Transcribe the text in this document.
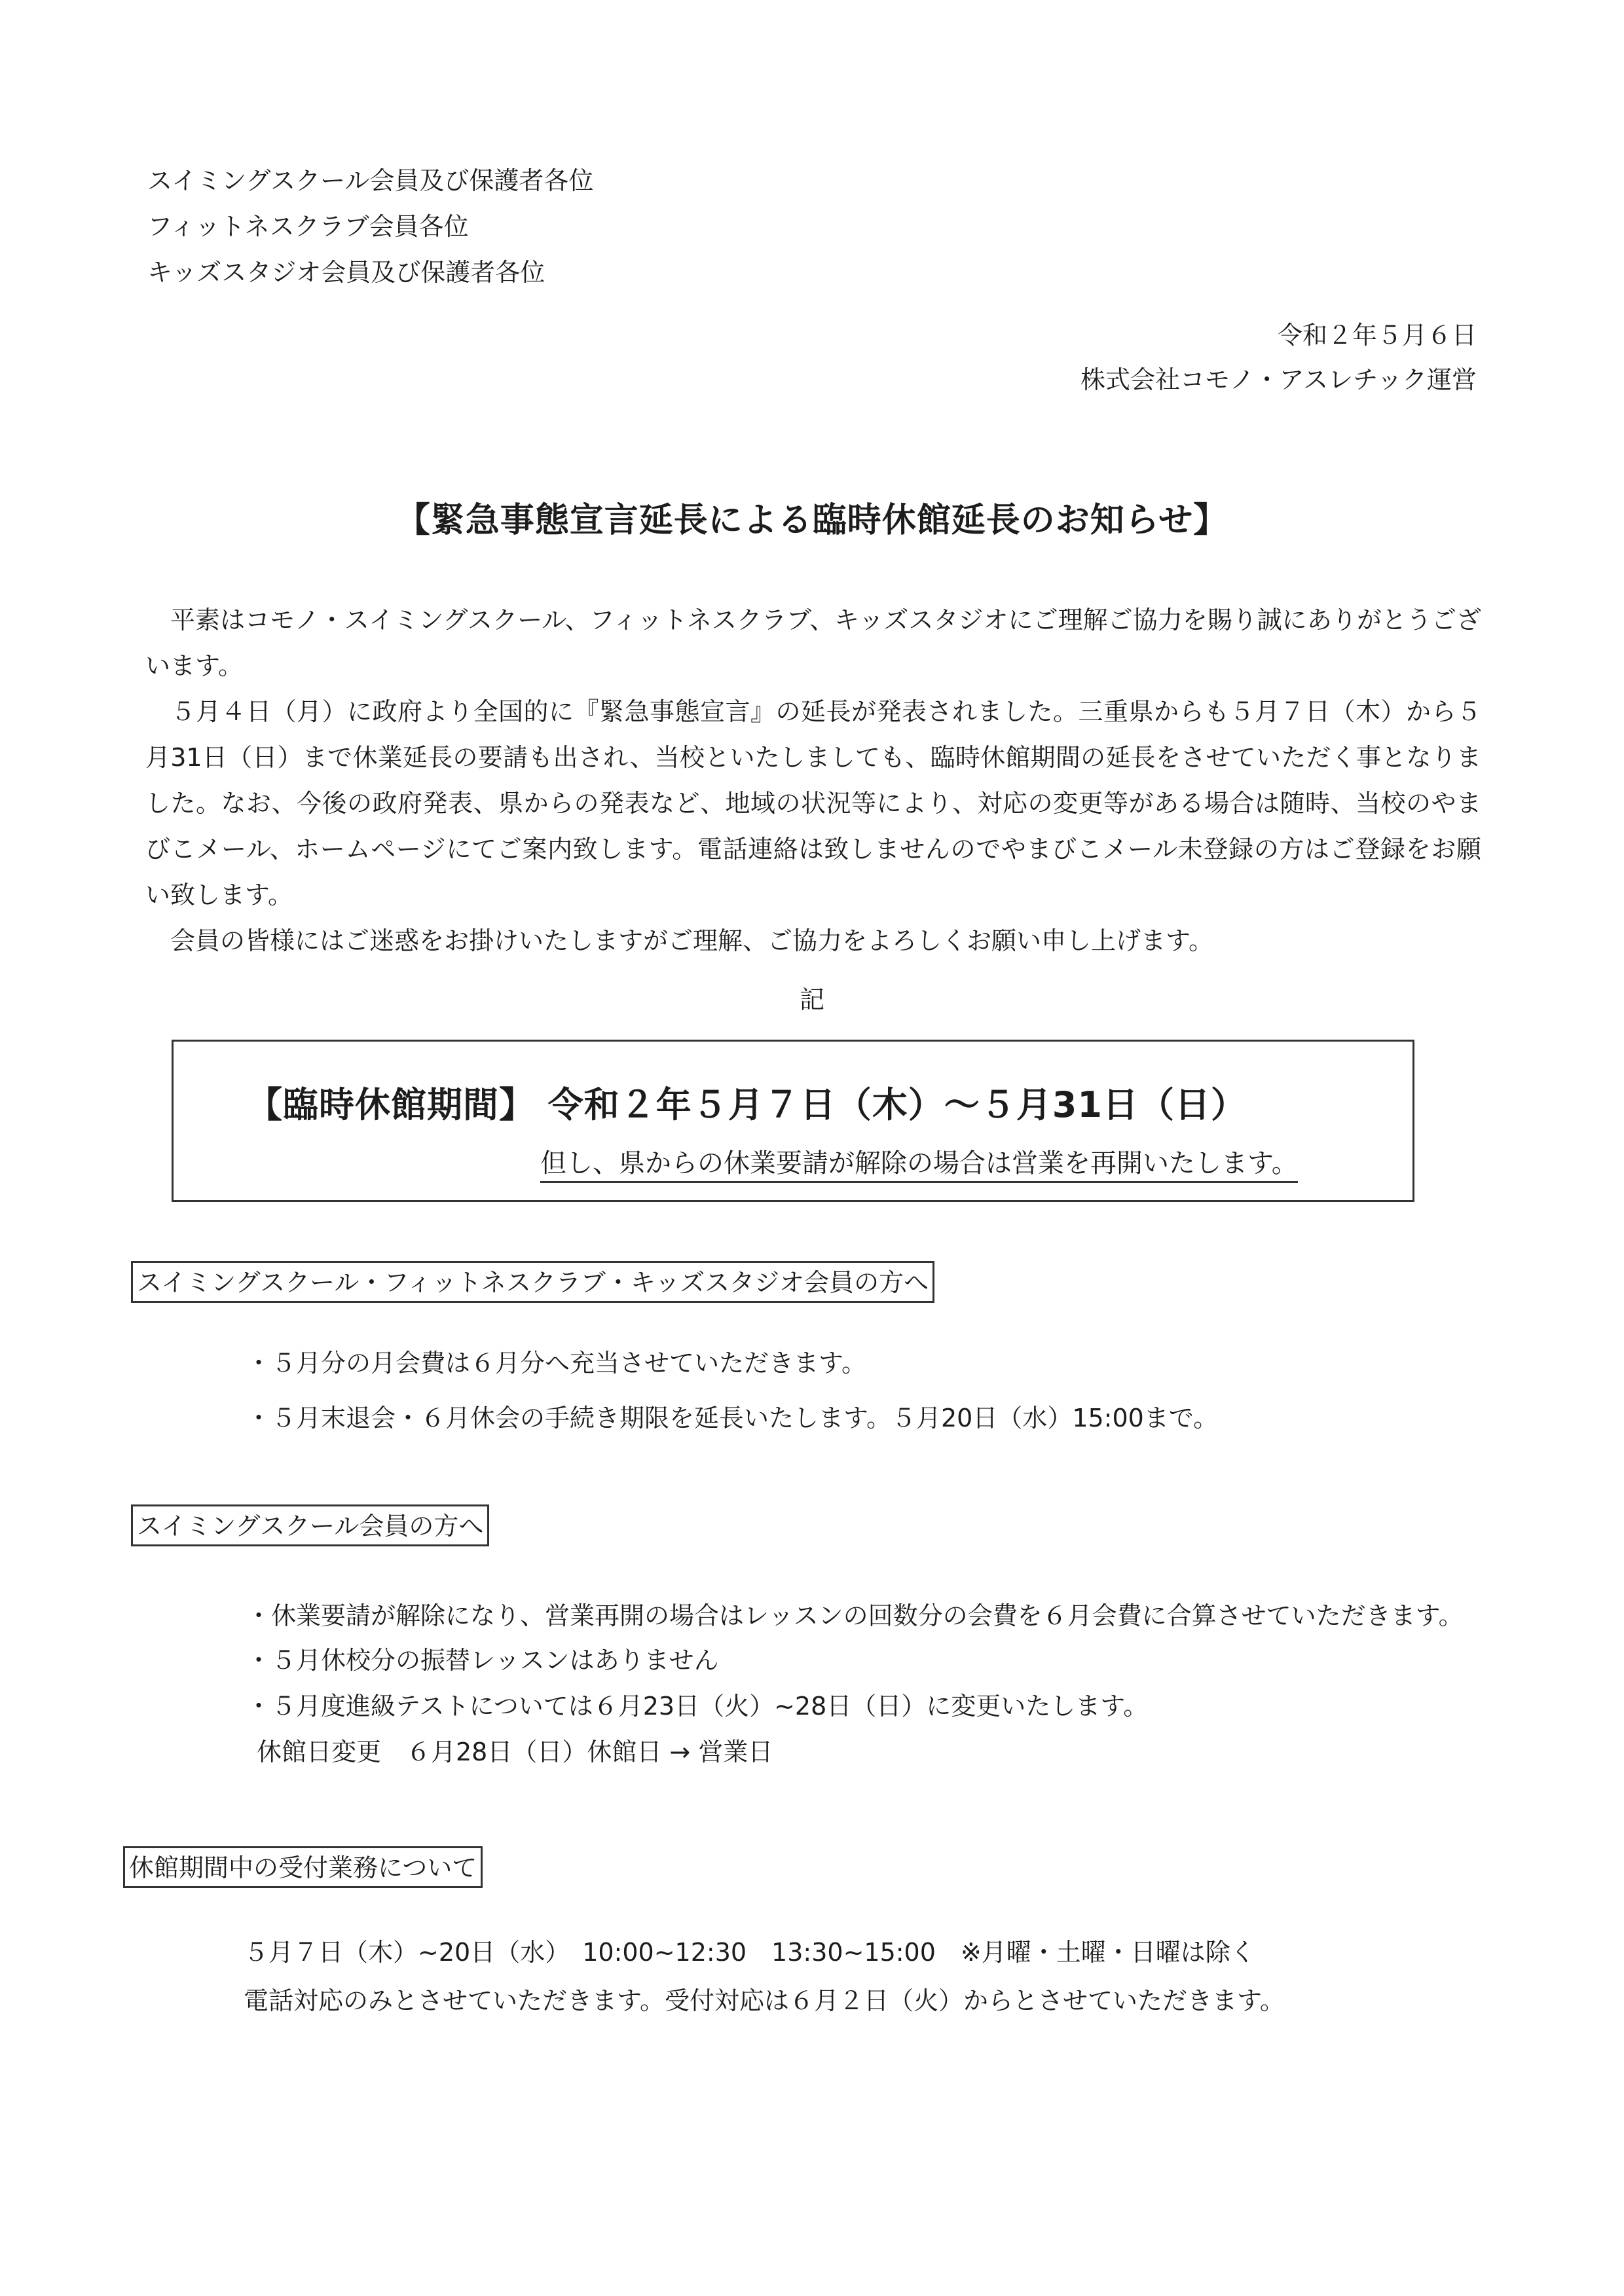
スイミングスクール会員及び保護者各位
フィットネスクラブ会員各位
キッズスタジオ会員及び保護者各位
令和２年５月６日
株式会社コモノ・アスレチック運営
【緊急事態宣言延長による臨時休館延長のお知らせ】

　平素はコモノ・スイミングスクール、フィットネスクラブ、キッズスタジオにご理解ご協力を賜り誠にありがとうございます。

　５月４日（月）に政府より全国的に『緊急事態宣言』の延長が発表されました。三重県からも５月７日（木）から５月31日（日）まで休業延長の要請も出され、当校といたしましても、臨時休館期間の延長をさせていただく事となりました。なお、今後の政府発表、県からの発表など、地域の状況等により、対応の変更等がある場合は随時、当校のやまびこメール、ホームページにてご案内致します。電話連絡は致しませんのでやまびこメール未登録の方はご登録をお願い致します。

　会員の皆様にはご迷惑をお掛けいたしますがご理解、ご協力をよろしくお願い申し上げます。

記
【臨時休館期間】 令和２年５月７日（木）～５月31日（日）
但し、県からの休業要請が解除の場合は営業を再開いたします。
スイミングスクール・フィットネスクラブ・キッズスタジオ会員の方へ
・５月分の月会費は６月分へ充当させていただきます。
・５月末退会・６月休会の手続き期限を延長いたします。５月20日（水）15:00まで。
スイミングスクール会員の方へ
・休業要請が解除になり、営業再開の場合はレッスンの回数分の会費を６月会費に合算させていただきます。
・５月休校分の振替レッスンはありません
・５月度進級テストについては６月23日（火）~28日（日）に変更いたします。
休館日変更　６月28日（日）休館日 → 営業日
休館期間中の受付業務について
５月７日（木）~20日（水）　10:00~12:30　13:30~15:00　※月曜・土曜・日曜は除く
電話対応のみとさせていただきます。受付対応は６月２日（火）からとさせていただきます。
